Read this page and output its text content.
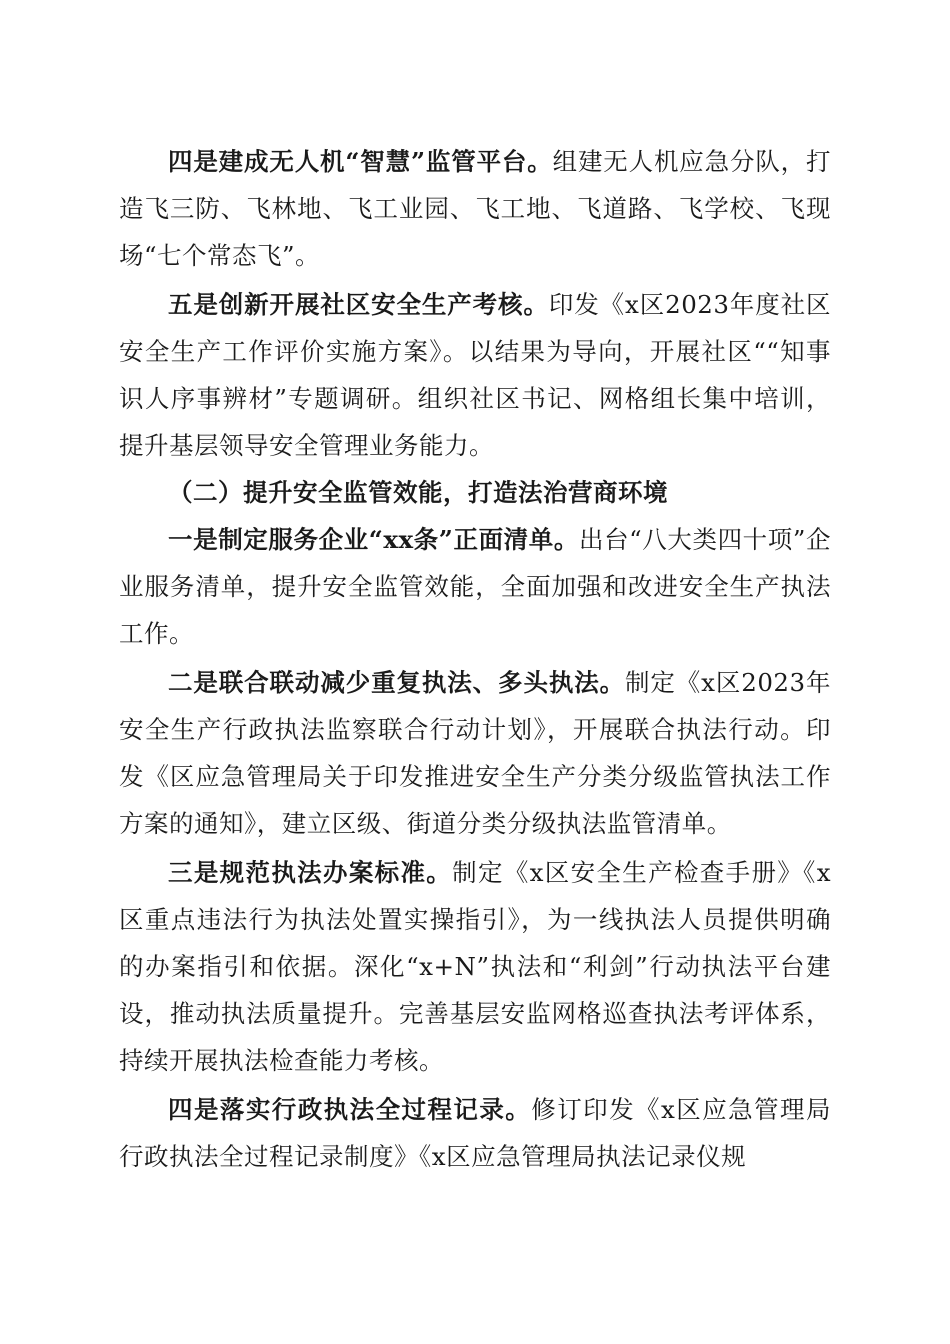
四是建成无人机“智慧”监管平台。组建无人机应急分队，打造飞三防、飞林地、飞工业园、飞工地、飞道路、飞学校、飞现场“七个常态飞”。

五是创新开展社区安全生产考核。印发《x区2023年度社区安全生产工作评价实施方案》。以结果为导向，开展社区““知事识人序事辨材”专题调研。组织社区书记、网格组长集中培训，提升基层领导安全管理业务能力。

（二）提升安全监管效能，打造法治营商环境

一是制定服务企业“xx条”正面清单。出台“八大类四十项”企业服务清单，提升安全监管效能，全面加强和改进安全生产执法工作。

二是联合联动减少重复执法、多头执法。制定《x区2023年安全生产行政执法监察联合行动计划》，开展联合执法行动。印发《区应急管理局关于印发推进安全生产分类分级监管执法工作方案的通知》，建立区级、街道分类分级执法监管清单。

三是规范执法办案标准。制定《x区安全生产检查手册》《x区重点违法行为执法处置实操指引》，为一线执法人员提供明确的办案指引和依据。深化“x+N”执法和“利剑”行动执法平台建设，推动执法质量提升。完善基层安监网格巡查执法考评体系，持续开展执法检查能力考核。

四是落实行政执法全过程记录。修订印发《x区应急管理局行政执法全过程记录制度》《x区应急管理局执法记录仪规
